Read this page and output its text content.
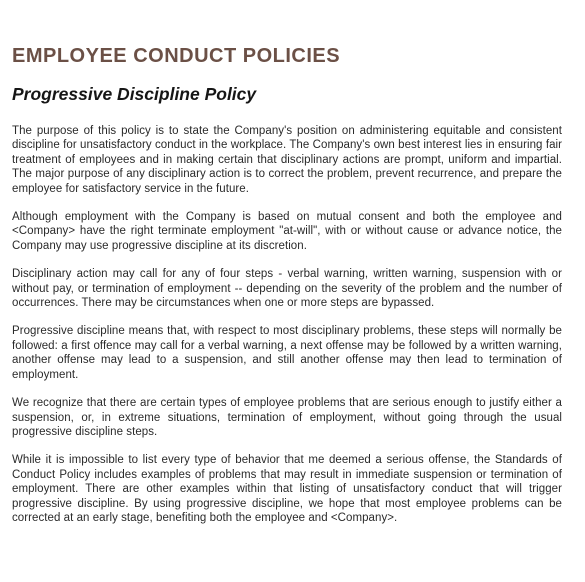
EMPLOYEE CONDUCT POLICIES
Progressive Discipline Policy

The purpose of this policy is to state the Company's position on administering equitable and consistent discipline for unsatisfactory conduct in the workplace. The Company's own best interest lies in ensuring fair treatment of employees and in making certain that disciplinary actions are prompt, uniform and impartial. The major purpose of any disciplinary action is to correct the problem, prevent recurrence, and prepare the employee for satisfactory service in the future.

Although employment with the Company is based on mutual consent and both the employee and <Company> have the right terminate employment "at-will", with or without cause or advance notice, the Company may use progressive discipline at its discretion.

Disciplinary action may call for any of four steps - verbal warning, written warning, suspension with or without pay, or termination of employment -- depending on the severity of the problem and the number of occurrences. There may be circumstances when one or more steps are bypassed.

Progressive discipline means that, with respect to most disciplinary problems, these steps will normally be followed: a first offence may call for a verbal warning, a next offense may be followed by a written warning, another offense may lead to a suspension, and still another offense may then lead to termination of employment.

We recognize that there are certain types of employee problems that are serious enough to justify either a suspension, or, in extreme situations, termination of employment, without going through the usual progressive discipline steps.

While it is impossible to list every type of behavior that me deemed a serious offense, the Standards of Conduct Policy includes examples of problems that may result in immediate suspension or termination of employment. There are other examples within that listing of unsatisfactory conduct that will trigger progressive discipline. By using progressive discipline, we hope that most employee problems can be corrected at an early stage, benefiting both the employee and <Company>.
